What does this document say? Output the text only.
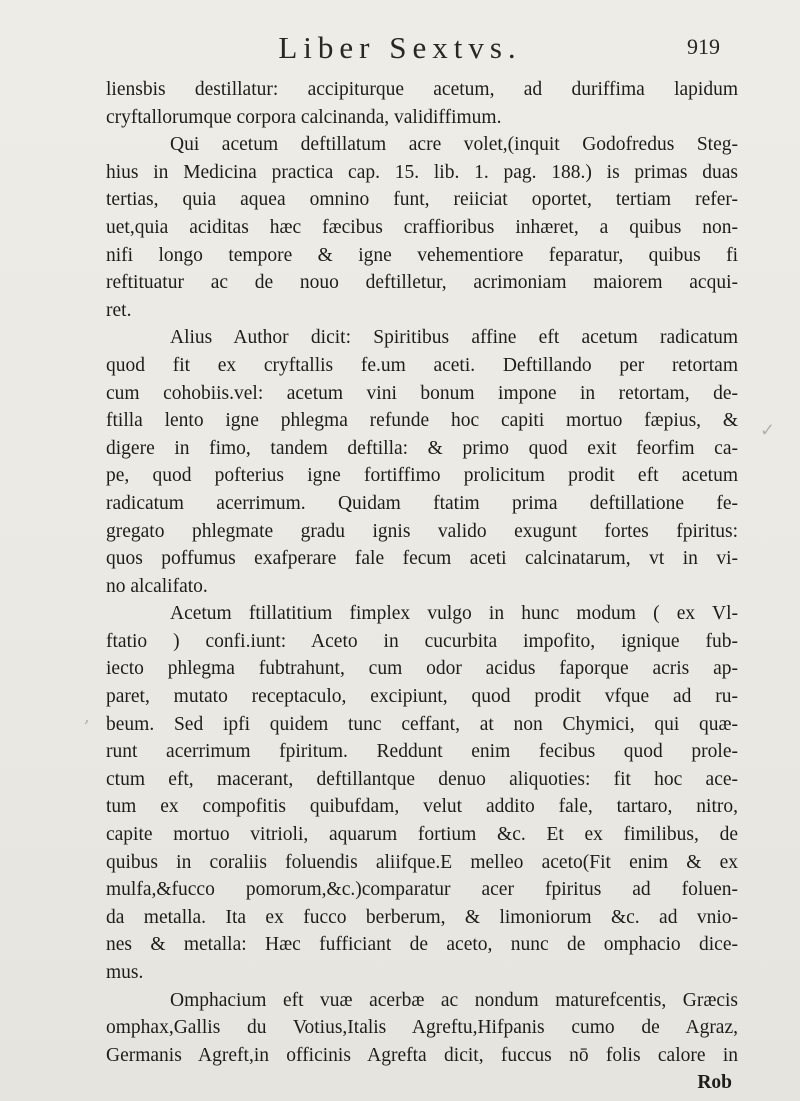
Liber Sextvs.	919
liensbis destillatur: accipiturque acetum, ad duriffima lapidum
cryftallorumque corpora calcinanda, validiffimum.
Qui acetum deftillatum acre volet,(inquit Godofredus Steg-
hius in Medicina practica cap. 15. lib. 1. pag. 188.) is primas duas
tertias, quia aquea omnino funt, reiiciat oportet, tertiam refer-
uet,quia aciditas hæc fæcibus craffioribus inhæret, a quibus non-
nifi longo tempore & igne vehementiore feparatur, quibus fi
reftituatur ac de nouo deftilletur, acrimoniam maiorem acqui-
ret.
Alius Author dicit: Spiritibus affine eft acetum radicatum
quod fit ex cryftallis fe.um aceti. Deftillando per retortam
cum cohobiis.vel: acetum vini bonum impone in retortam, de-
ftilla lento igne phlegma refunde hoc capiti mortuo fæpius, &
digere in fimo, tandem deftilla: & primo quod exit feorfim ca-
pe, quod pofterius igne fortiffimo prolicitum prodit eft acetum
radicatum acerrimum. Quidam ftatim prima deftillatione fe-
gregato phlegmate gradu ignis valido exugunt fortes fpiritus:
quos poffumus exafperare fale fecum aceti calcinatarum, vt in vi-
no alcalifato.
Acetum ftillatitium fimplex vulgo in hunc modum ( ex Vl-
ftatio ) confi.iunt: Aceto in cucurbita impofito, igniquе fub-
iecto phlegma fubtrahunt, cum odor acidus faporque acris ap-
paret, mutato receptaculo, excipiunt, quod prodit vfque ad ru-
beum. Sed ipfi quidem tunc ceffant, at non Chymici, qui quæ-
runt acerrimum fpiritum. Reddunt enim fecibus quod prole-
ctum eft, macerant, deftillantque denuo aliquoties: fit hoc ace-
tum ex compofitis quibufdam, velut addito fale, tartaro, nitro,
capite mortuo vitrioli, aquarum fortium &c. Et ex fimilibus, de
quibus in coraliis foluendis aliifque.E melleo aceto(Fit enim & ex
mulfa,&fucco pomorum,&c.)comparatur acer fpiritus ad foluen-
da metalla. Ita ex fucco berberum, & limoniorum &c. ad vnio-
nes & metalla: Hæc fufficiant de aceto, nunc de omphacio dice-
mus.
Omphacium eft vuæ acerbæ ac nondum maturefcentis, Græcis
omphax,Gallis du Votius,Italis Agreftu,Hifpanis cumo de Agraz,
Germanis Agreft,in officinis Agrefta dicit, fuccus nō folis calore in
Rob
✓
,
